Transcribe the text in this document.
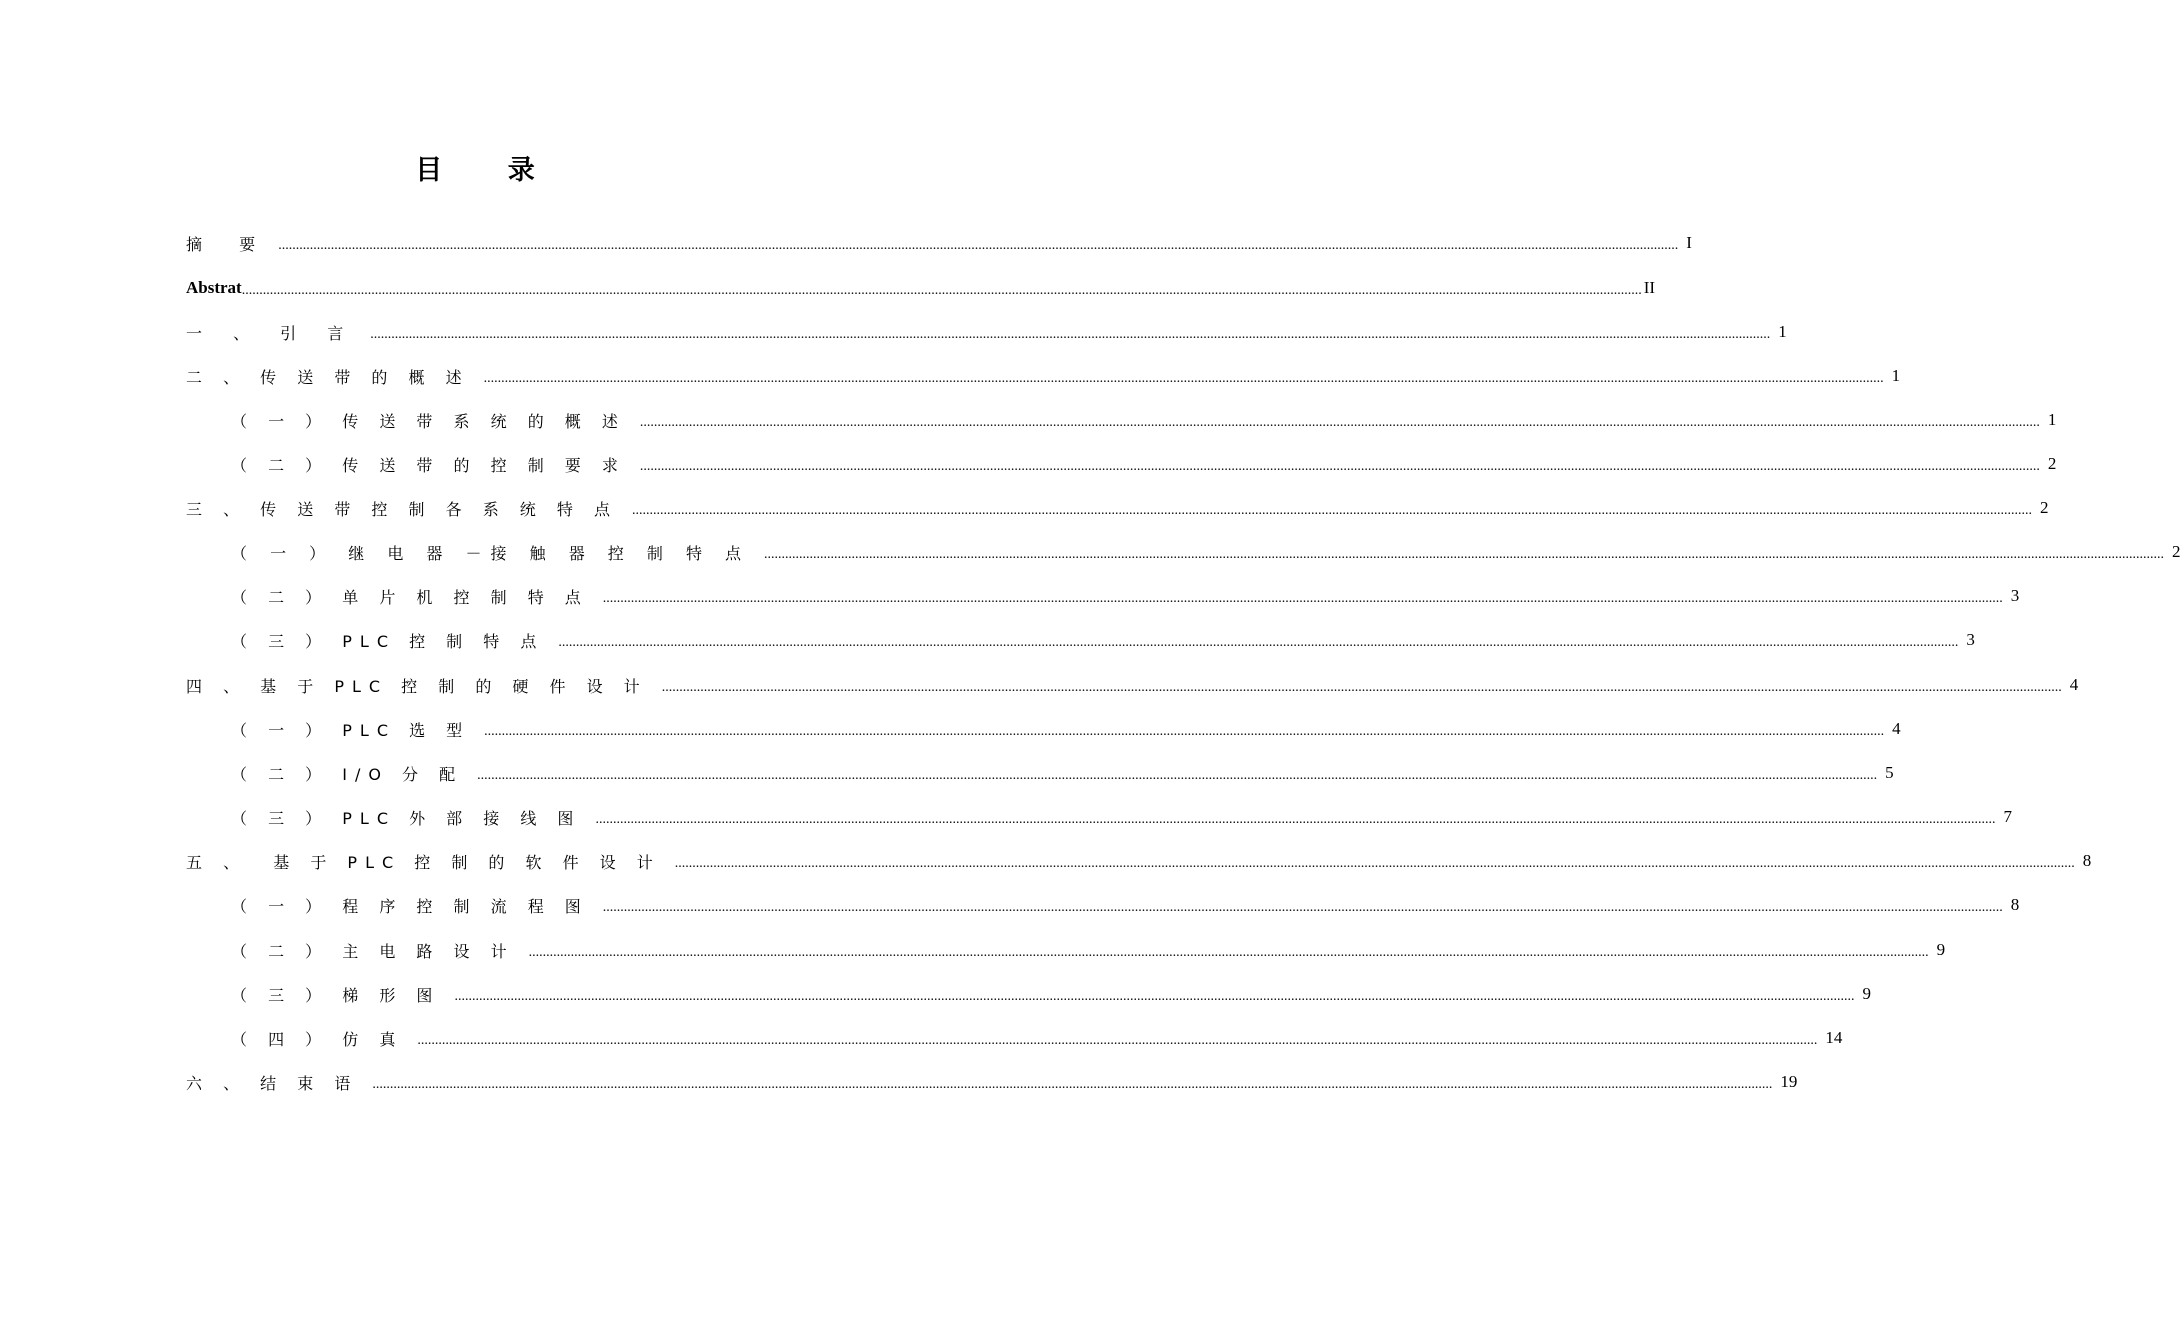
目 录
摘  要 ................................................................................................................................................................................................................................................................................................................................................................................................................ I
Abstrat ................................................................................................................................................................................................................................................................................................................................................................................................................ II
一 、 引 言 ................................................................................................................................................................................................................................................................................................................................................................................................................ 1
二 、 传 送 带 的 概 述 ................................................................................................................................................................................................................................................................................................................................................................................................................ 1
（ 一 ） 传 送 带 系 统 的 概 述 ................................................................................................................................................................................................................................................................................................................................................................................................................ 1
（ 二 ） 传 送 带 的 控 制 要 求 ................................................................................................................................................................................................................................................................................................................................................................................................................ 2
三 、 传 送 带 控 制 各 系 统 特 点 ................................................................................................................................................................................................................................................................................................................................................................................................................ 2
（ 一 ） 继 电 器 －接 触 器 控 制 特 点 ................................................................................................................................................................................................................................................................................................................................................................................................................ 2
（ 二 ） 单 片 机 控 制 特 点 ................................................................................................................................................................................................................................................................................................................................................................................................................ 3
（ 三 ） PLC 控 制 特 点 ................................................................................................................................................................................................................................................................................................................................................................................................................ 3
四 、 基 于 PLC 控 制 的 硬 件 设 计 ................................................................................................................................................................................................................................................................................................................................................................................................................ 4
（ 一 ） PLC 选 型 ................................................................................................................................................................................................................................................................................................................................................................................................................ 4
（ 二 ） I/O 分 配 ................................................................................................................................................................................................................................................................................................................................................................................................................ 5
（ 三 ） PLC 外 部 接 线 图 ................................................................................................................................................................................................................................................................................................................................................................................................................ 7
五 、  基 于 PLC 控 制 的 软 件 设 计 ................................................................................................................................................................................................................................................................................................................................................................................................................ 8
（ 一 ） 程 序 控 制 流 程 图 ................................................................................................................................................................................................................................................................................................................................................................................................................ 8
（ 二 ） 主 电 路 设 计 ................................................................................................................................................................................................................................................................................................................................................................................................................ 9
（ 三 ） 梯 形 图 ................................................................................................................................................................................................................................................................................................................................................................................................................ 9
（ 四 ） 仿 真 ................................................................................................................................................................................................................................................................................................................................................................................................................ 14
六 、 结 束 语 ................................................................................................................................................................................................................................................................................................................................................................................................................ 19
